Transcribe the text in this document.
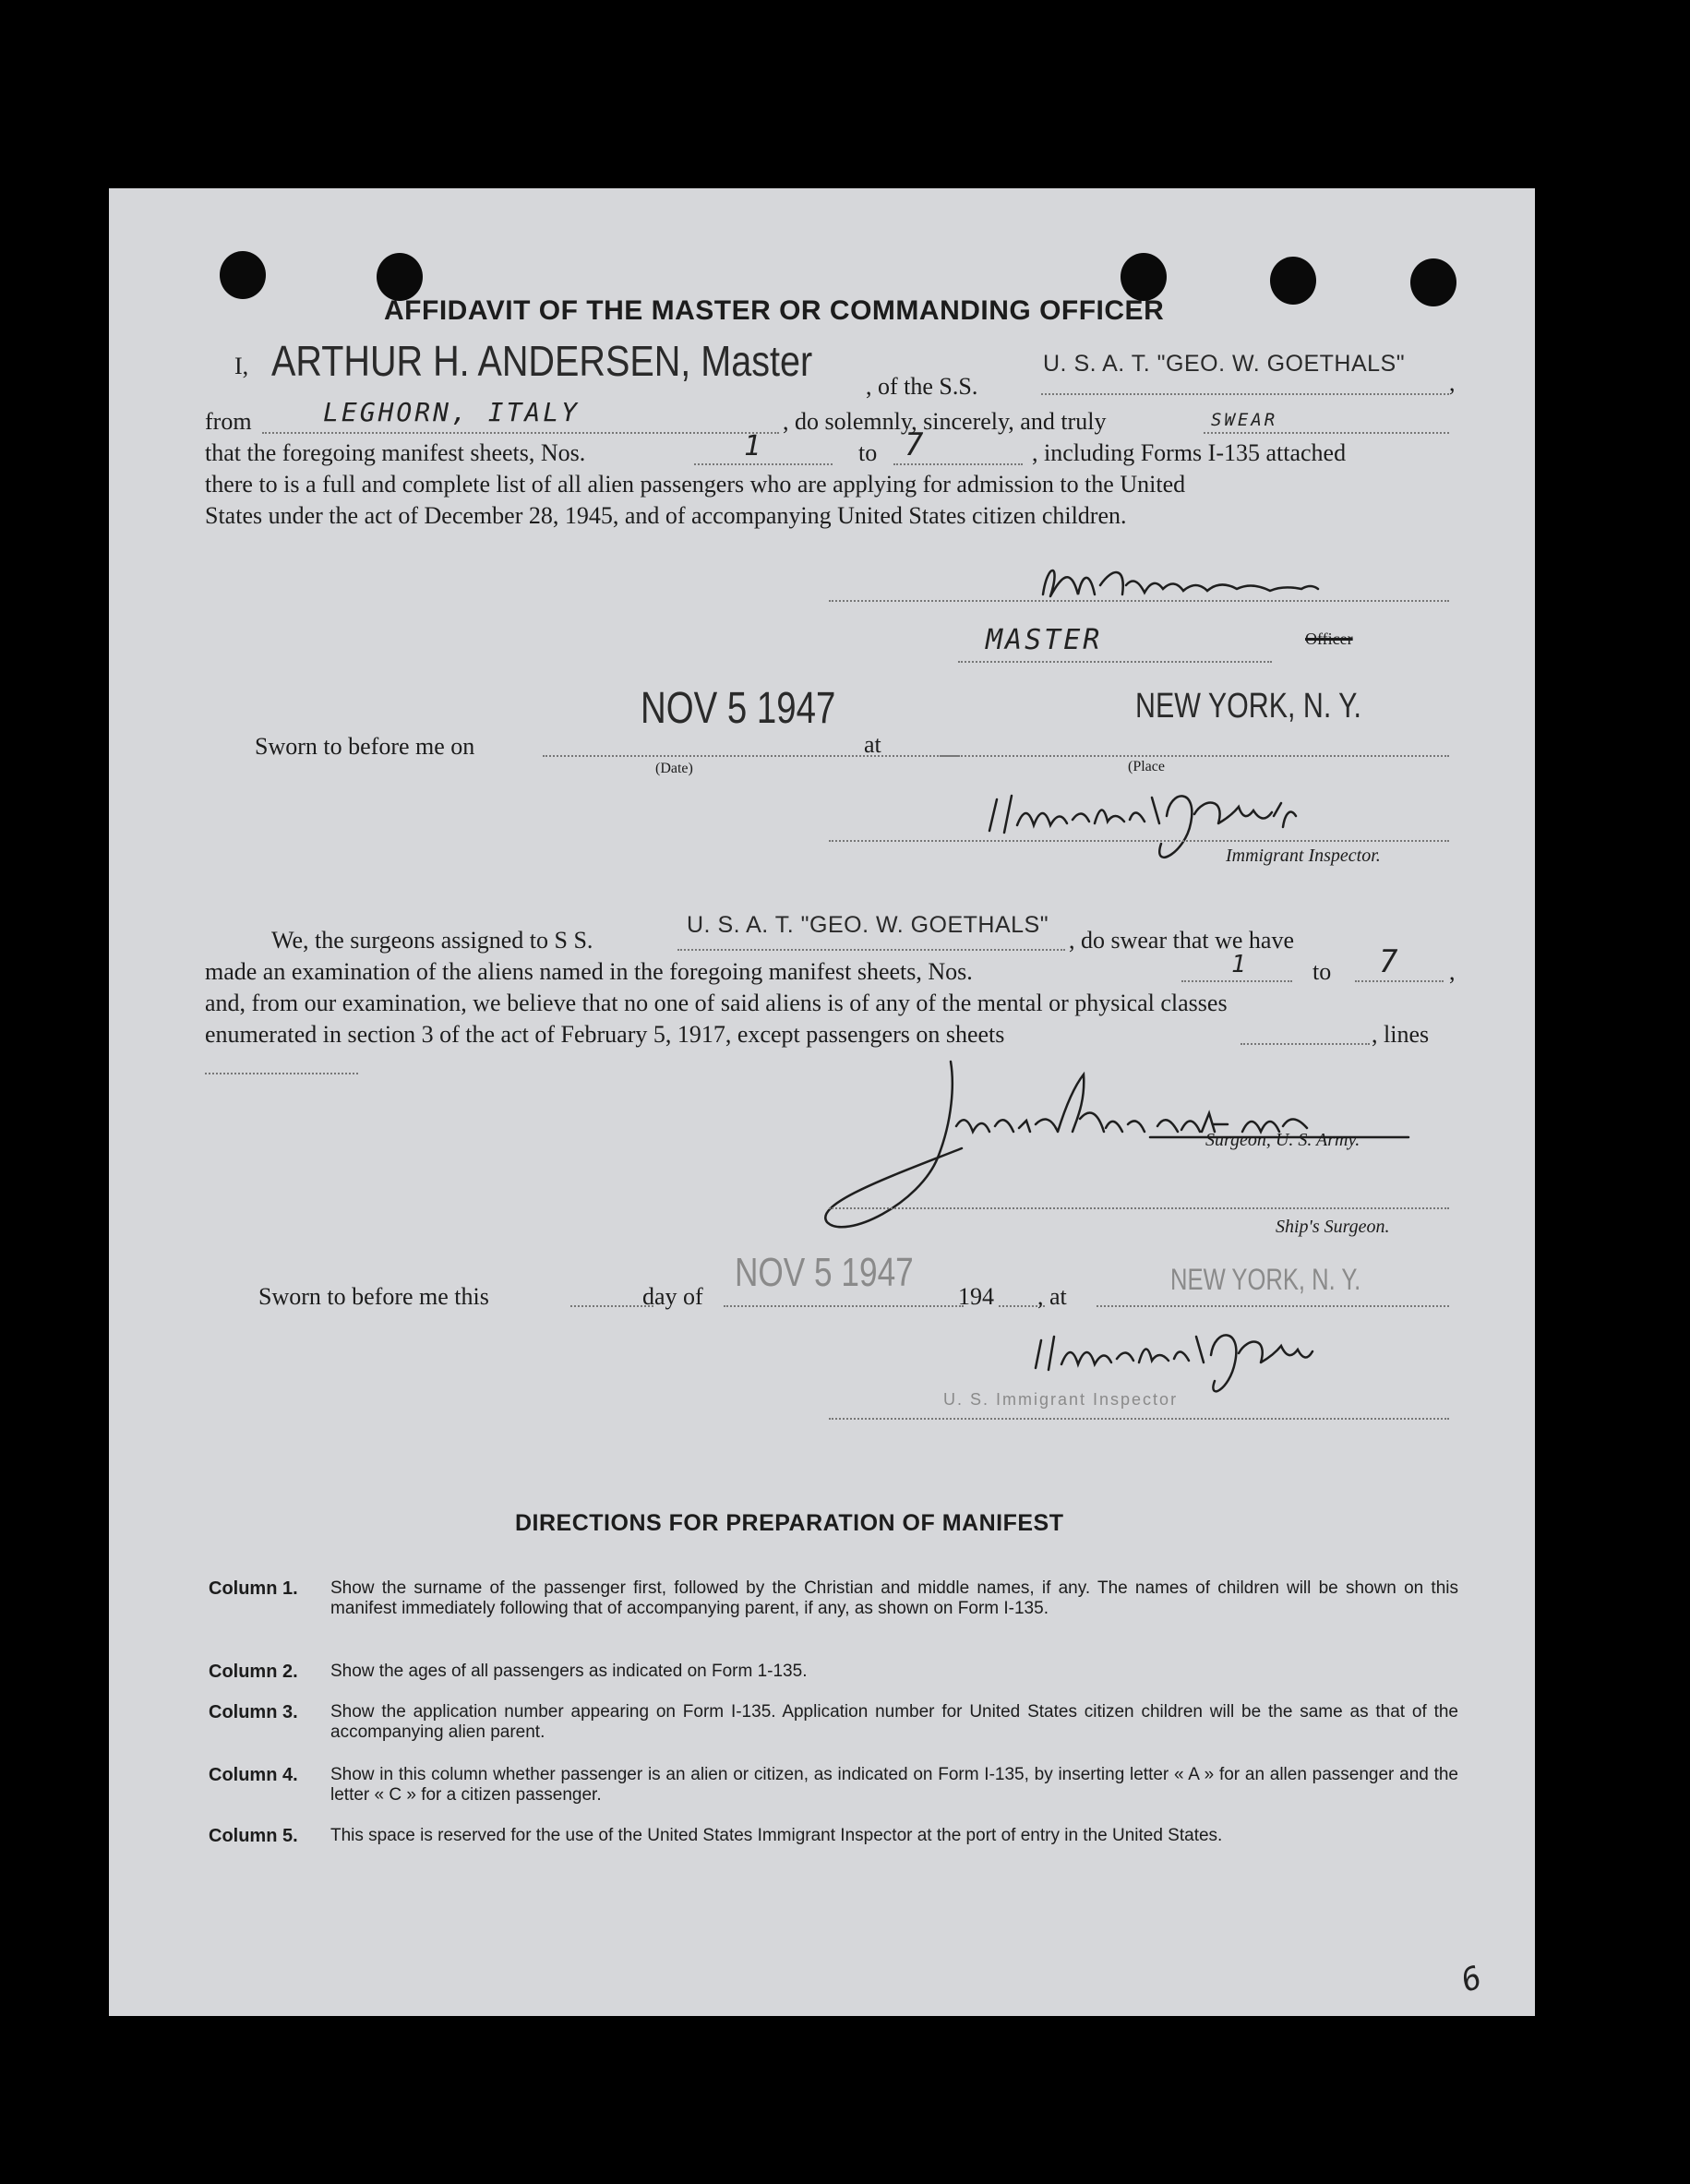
AFFIDAVIT OF THE MASTER OR COMMANDING OFFICER
I, ARTHUR H. ANDERSEN, Master
, of the S.S.
U. S. A. T. "GEO. W. GOETHALS"
,
from	LEGHORN, ITALY	, do solemnly, sincerely, and truly	SWEAR
that the foregoing manifest sheets, Nos.	1	to 7	, including Forms I-135 attached
there to is a full and complete list of all alien passengers who are applying for admission to the United
States under the act of December 28, 1945, and of accompanying United States citizen children.
MASTER	Officer
Sworn to before me on
NOV 5 1947
(Date)
at
NEW YORK, N. Y.
(Place
Immigrant Inspector.
We, the surgeons assigned to S S.
U. S. A. T. "GEO. W. GOETHALS"
, do swear that we have
made an examination of the aliens named in the foregoing manifest sheets, Nos.	1	to 7 ,
and, from our examination, we believe that no one of said aliens is of any of the mental or physical classes
enumerated in section 3 of the act of February 5, 1917, except passengers on sheets	, lines
Surgeon, U. S. Army.
Ship's Surgeon.
Sworn to before me this	day of
NOV 5 1947
194 , at
NEW YORK, N. Y.
U. S. Immigrant Inspector
DIRECTIONS FOR PREPARATION OF MANIFEST
Column 1. Show the surname of the passenger first, followed by the Christian and middle names, if any. The names of children will be shown on this manifest immediately following that of accompanying parent, if any, as shown on Form I-135.
Column 2. Show the ages of all passengers as indicated on Form 1-135.
Column 3. Show the application number appearing on Form I-135. Application number for United States citizen children will be the same as that of the accompanying alien parent.
Column 4. Show in this column whether passenger is an alien or citizen, as indicated on Form I-135, by inserting letter « A » for an allen passenger and the letter « C » for a citizen passenger.
Column 5. This space is reserved for the use of the United States Immigrant Inspector at the port of entry in the United States.
6
